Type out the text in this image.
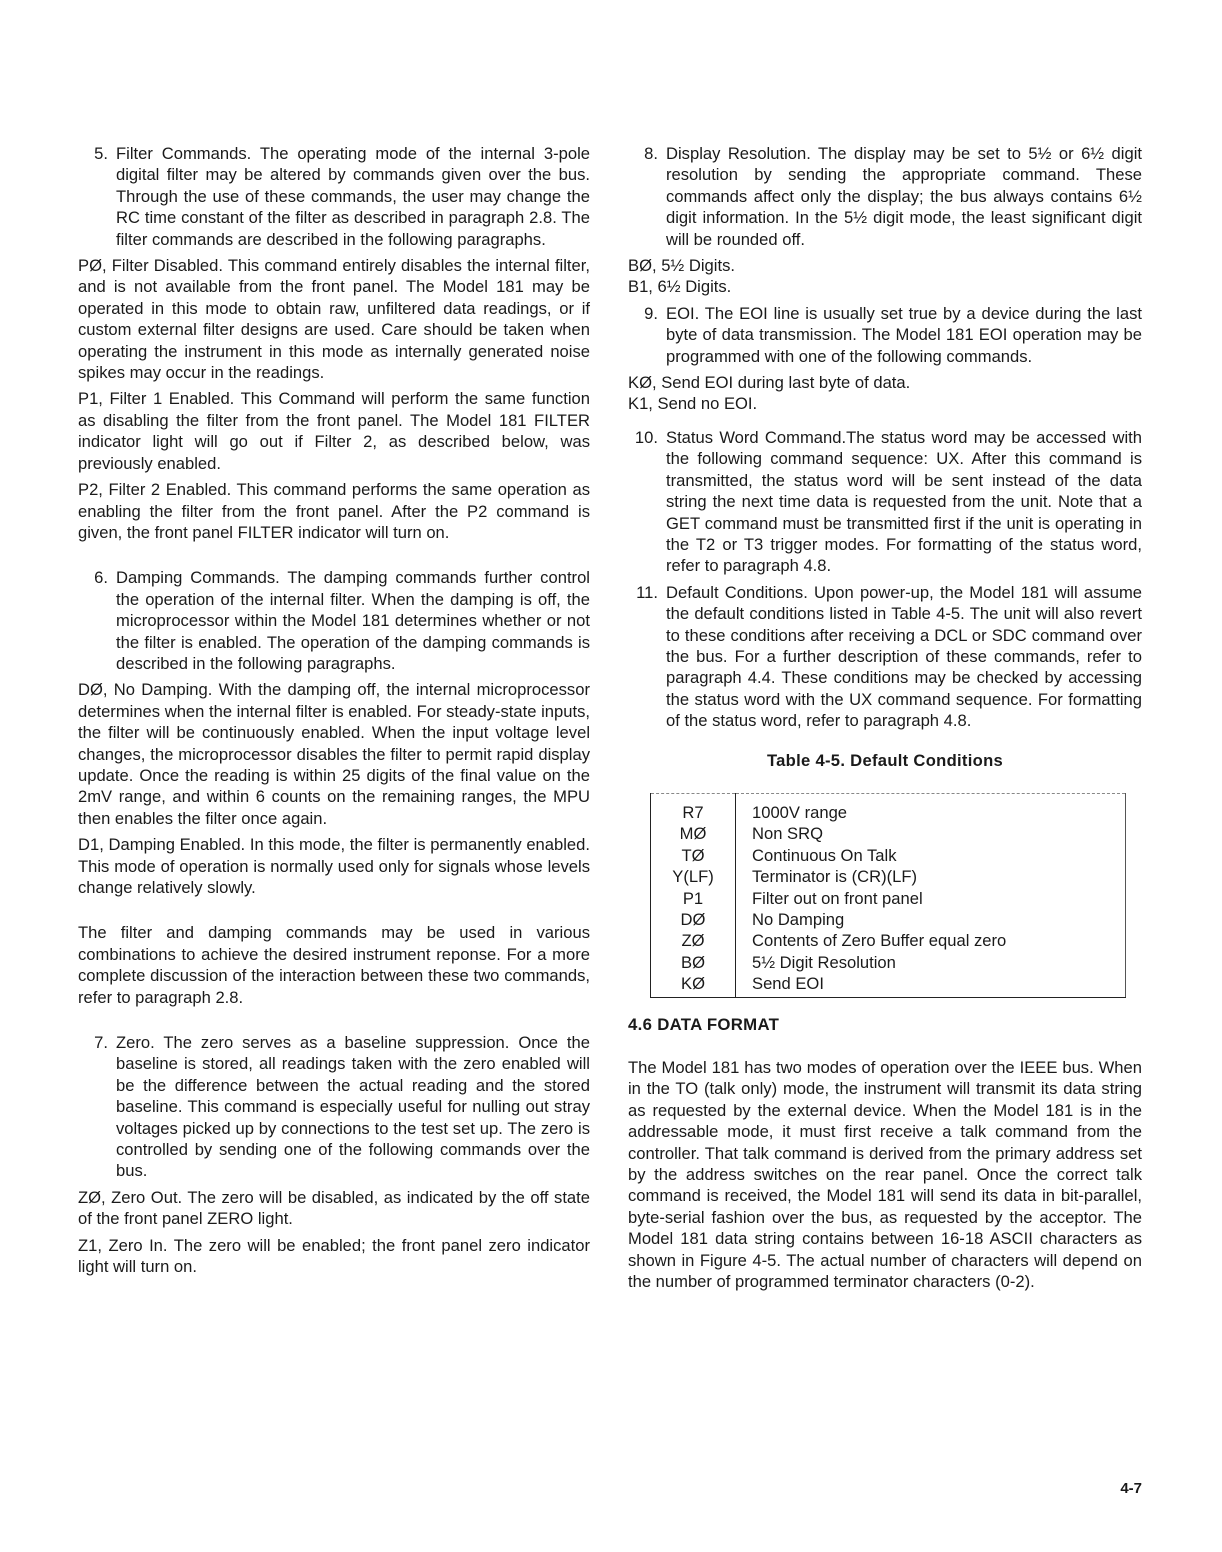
5. Filter Commands. The operating mode of the internal 3-pole digital filter may be altered by commands given over the bus. Through the use of these commands, the user may change the RC time constant of the filter as described in paragraph 2.8. The filter commands are described in the following paragraphs.

PØ, Filter Disabled. This command entirely disables the internal filter, and is not available from the front panel. The Model 181 may be operated in this mode to obtain raw, unfiltered data readings, or if custom external filter designs are used. Care should be taken when operating the instrument in this mode as internally generated noise spikes may occur in the readings.

P1, Filter 1 Enabled. This Command will perform the same function as disabling the filter from the front panel. The Model 181 FILTER indicator light will go out if Filter 2, as described below, was previously enabled.

P2, Filter 2 Enabled. This command performs the same operation as enabling the filter from the front panel. After the P2 command is given, the front panel FILTER indicator will turn on.

6. Damping Commands. The damping commands further control the operation of the internal filter. When the damping is off, the microprocessor within the Model 181 determines whether or not the filter is enabled. The operation of the damping commands is described in the following paragraphs.

DØ, No Damping. With the damping off, the internal microprocessor determines when the internal filter is enabled. For steady-state inputs, the filter will be continuously enabled. When the input voltage level changes, the microprocessor disables the filter to permit rapid display update. Once the reading is within 25 digits of the final value on the 2mV range, and within 6 counts on the remaining ranges, the MPU then enables the filter once again.

D1, Damping Enabled. In this mode, the filter is permanently enabled. This mode of operation is normally used only for signals whose levels change relatively slowly.

The filter and damping commands may be used in various combinations to achieve the desired instrument reponse. For a more complete discussion of the interaction between these two commands, refer to paragraph 2.8.

7. Zero. The zero serves as a baseline suppression. Once the baseline is stored, all readings taken with the zero enabled will be the difference between the actual reading and the stored baseline. This command is especially useful for nulling out stray voltages picked up by connections to the test set up. The zero is controlled by sending one of the following commands over the bus.

ZØ, Zero Out. The zero will be disabled, as indicated by the off state of the front panel ZERO light.

Z1, Zero In. The zero will be enabled; the front panel zero indicator light will turn on.

8. Display Resolution. The display may be set to 5½ or 6½ digit resolution by sending the appropriate command. These commands affect only the display; the bus always contains 6½ digit information. In the 5½ digit mode, the least significant digit will be rounded off.

BØ, 5½ Digits.

B1, 6½ Digits.

9. EOI. The EOI line is usually set true by a device during the last byte of data transmission. The Model 181 EOI operation may be programmed with one of the following commands.

KØ, Send EOI during last byte of data.

K1, Send no EOI.

10. Status Word Command.The status word may be accessed with the following command sequence: UX. After this command is transmitted, the status word will be sent instead of the data string the next time data is requested from the unit. Note that a GET command must be transmitted first if the unit is operating in the T2 or T3 trigger modes. For formatting of the status word, refer to paragraph 4.8.
11. Default Conditions. Upon power-up, the Model 181 will assume the default conditions listed in Table 4-5. The unit will also revert to these conditions after receiving a DCL or SDC command over the bus. For a further description of these commands, refer to paragraph 4.4. These conditions may be checked by accessing the status word with the UX command sequence. For formatting of the status word, refer to paragraph 4.8.
Table 4-5. Default Conditions
R7	1000V range
MØ	Non SRQ
TØ	Continuous On Talk
Y(LF)	Terminator is (CR)(LF)
P1	Filter out on front panel
DØ	No Damping
ZØ	Contents of Zero Buffer equal zero
BØ	5½ Digit Resolution
KØ	Send EOI
4.6 DATA FORMAT

The Model 181 has two modes of operation over the IEEE bus. When in the TO (talk only) mode, the instrument will transmit its data string as requested by the external device. When the Model 181 is in the addressable mode, it must first receive a talk command from the controller. That talk command is derived from the primary address set by the address switches on the rear panel. Once the correct talk command is received, the Model 181 will send its data in bit-parallel, byte-serial fashion over the bus, as requested by the acceptor. The Model 181 data string contains between 16-18 ASCII characters as shown in Figure 4-5. The actual number of characters will depend on the number of programmed terminator characters (0-2).

4-7
